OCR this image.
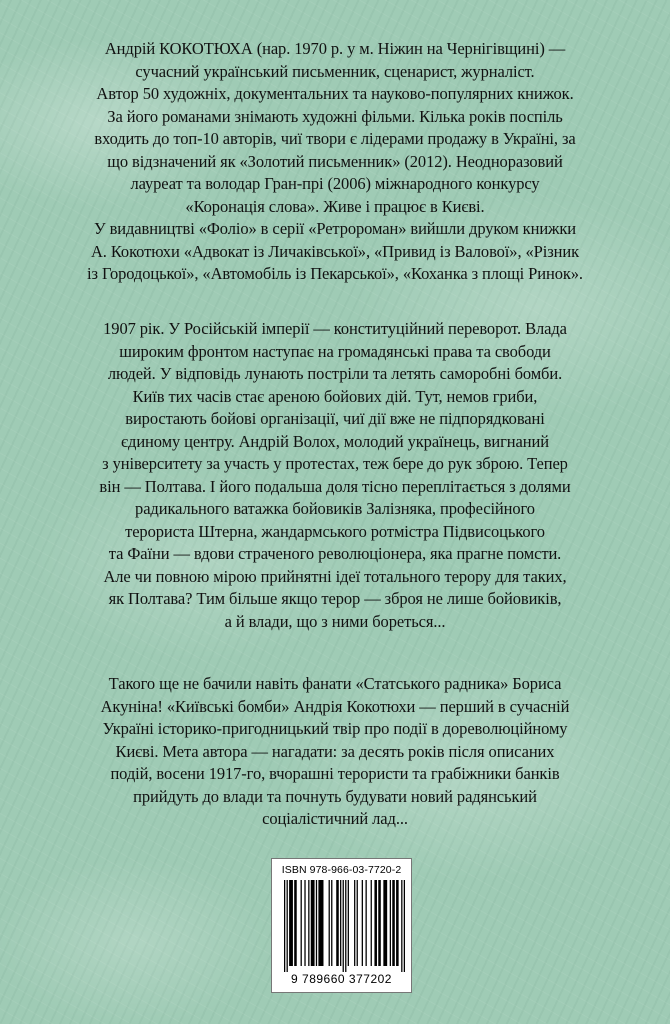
Андрій КОКОТЮХА (нар. 1970 р. у м. Ніжин на Чернігівщині) —

сучасний український письменник, сценарист, журналіст.

Автор 50 художніх, документальних та науково-популярних книжок.

За його романами знімають художні фільми. Кілька років поспіль

входить до топ-10 авторів, чиї твори є лідерами продажу в Україні, за

що відзначений як «Золотий письменник» (2012). Неодноразовий

лауреат та володар Гран-прі (2006) міжнародного конкурсу

«Коронація слова». Живе і працює в Києві.

У видавництві «Фоліо» в серії «Ретророман» вийшли друком книжки

А. Кокотюхи «Адвокат із Личаківської», «Привид із Валової», «Різник

із Городоцької», «Автомобіль із Пекарської», «Коханка з площі Ринок».

1907 рік. У Російській імперії — конституційний переворот. Влада

широким фронтом наступає на громадянські права та свободи

людей. У відповідь лунають постріли та летять саморобні бомби.

Київ тих часів стає ареною бойових дій. Тут, немов гриби,

виростають бойові організації, чиї дії вже не підпорядковані

єдиному центру. Андрій Волох, молодий українець, вигнаний

з університету за участь у протестах, теж бере до рук зброю. Тепер

він — Полтава. І його подальша доля тісно переплітається з долями

радикального ватажка бойовиків Залізняка, професійного

терориста Штерна, жандармського ротмістра Підвисоцького

та Фаїни — вдови страченого революціонера, яка прагне помсти.

Але чи повною мірою прийнятні ідеї тотального терору для таких,

як Полтава? Тим більше якщо терор — зброя не лише бойовиків,

а й влади, що з ними бореться...

Такого ще не бачили навіть фанати «Статського радника» Бориса

Акуніна! «Київські бомби» Андрія Кокотюхи — перший в сучасній

Україні історико-пригодницький твір про події в дореволюційному

Києві. Мета автора — нагадати: за десять років після описаних

подій, восени 1917-го, вчорашні терористи та грабіжники банків

прийдуть до влади та почнуть будувати новий радянський

соціалістичний лад...

ISBN 978-966-03-7720-2
9 789660 377202
